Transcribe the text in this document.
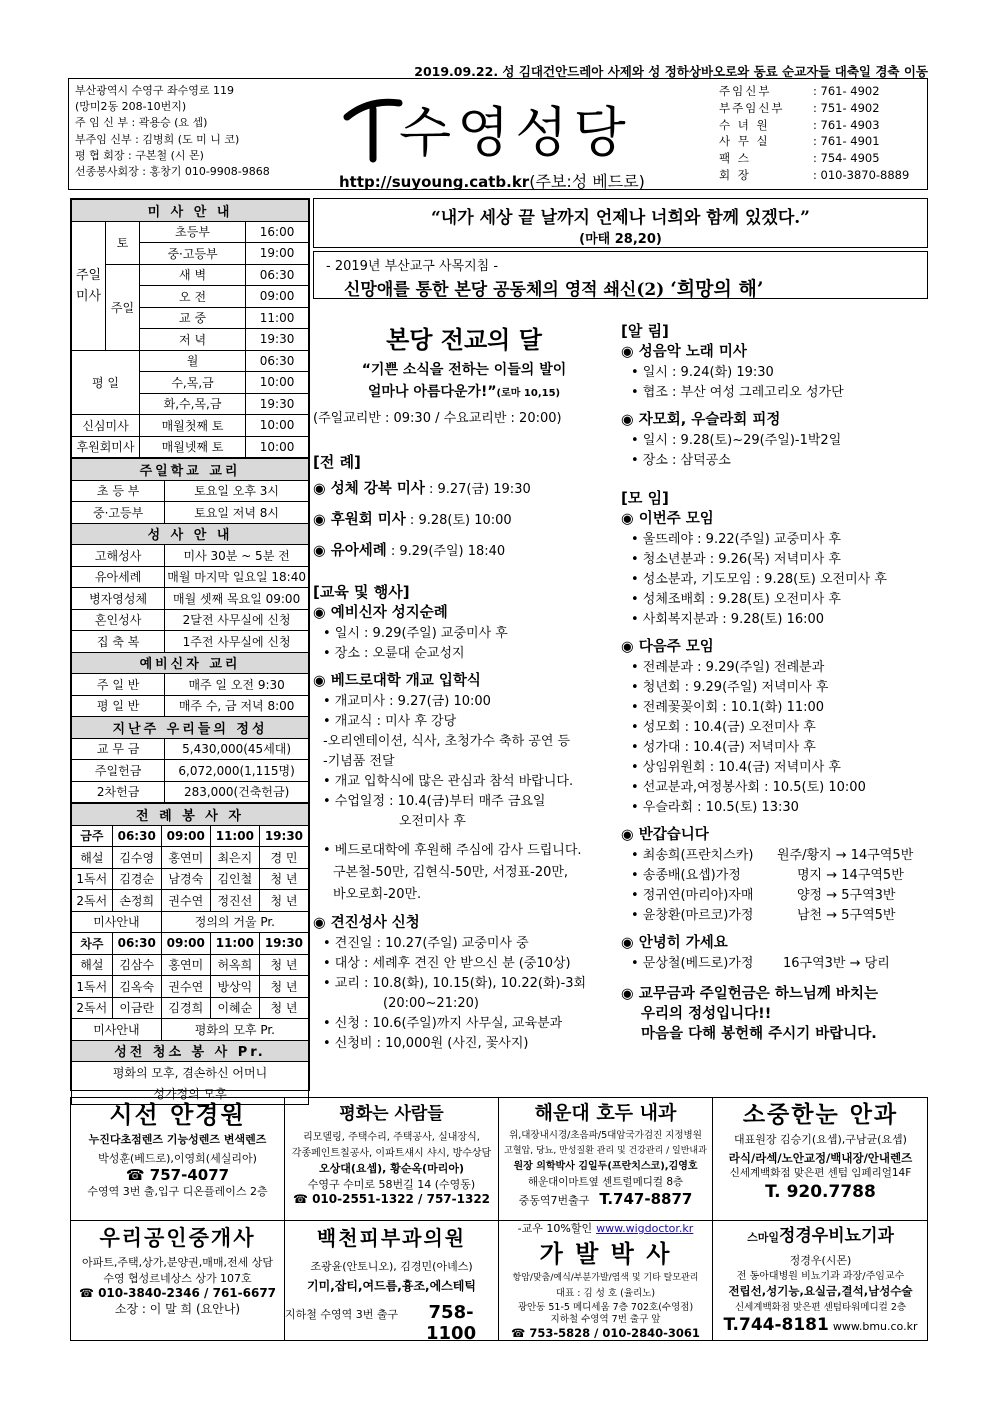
2019.09.22. 성 김대건안드레아 사제와 성 정하상바오로와 동료 순교자들 대축일 경축 이동
부산광역시 수영구 좌수영로 119
(망미2동 208-10번지)
주 임 신 부 : 곽용승 (요 셉)
부주임 신부 : 김병희 (도 미 니 코)
평 협 회장 : 구본철 (시 몬)
선종봉사회장 : 홍창기 010-9908-9868
수영성당
http://suyoung.catb.kr(주보:성 베드로)
주임신부	: 761- 4902
부주임신부	: 751- 4902
수 녀 원	: 761- 4903
사 무 실	: 761- 4901
팩 스	: 754- 4905
회 장	: 010-3870-8889
미 사 안 내			
주일미사	토	초등부	16:00
		중·고등부	19:00
	주일	새 벽	06:30
		오 전	09:00
		교 중	11:00
		저 녁	19:30
평 일		월	06:30
		수,목,금	10:00
		화,수,목,금	19:30
신심미사		매월첫째 토	10:00
후원회미사		매월넷째 토	10:00
주일학교 교리	
초 등 부	토요일 오후 3시
중·고등부	토요일 저녁 8시
성 사 안 내	
고해성사	미사 30분 ~ 5분 전
유아세례	매월 마지막 일요일 18:40
병자영성체	매월 셋째 목요일 09:00
혼인성사	2달전 사무실에 신청
집 축 복	1주전 사무실에 신청
예비신자 교리	
주 일 반	매주 일 오전 9:30
평 일 반	매주 수, 금 저녁 8:00
지난주 우리들의 정성	
교 무 금	5,430,000(45세대)
주일헌금	6,072,000(1,115명)
2차헌금	283,000(건축헌금)
전 례 봉 사 자				
금주	06:30	09:00	11:00	19:30
해설	김수영	홍연미	최은지	경 민
1독서	김경순	남경숙	김인철	청 년
2독서	손정희	권수연	정진선	청 년
미사안내		정의의 거울 Pr.		
차주	06:30	09:00	11:00	19:30
해설	김삼수	홍연미	허옥희	청 년
1독서	김옥숙	권수연	방상익	청 년
2독서	이금란	김경희	이혜순	청 년
미사안내		평화의 모후 Pr.		
성전 청소 봉 사 Pr.				
평화의 모후, 겸손하신 어머니				
성가정의 모후				
“내가 세상 끝 날까지 언제나 너희와 함께 있겠다.”
(마태 28,20)
- 2019년 부산교구 사목지침 -
신망애를 통한 본당 공동체의 영적 쇄신(2) ‘희망의 해’
본당 전교의 달
“기쁜 소식을 전하는 이들의 발이
얼마나 아름다운가!”(로마 10,15)
(주일교리반 : 09:30 / 수요교리반 : 20:00)
[전 례]
◉ 성체 강복 미사 : 9.27(금) 19:30
◉ 후원회 미사 : 9.28(토) 10:00
◉ 유아세례 : 9.29(주일) 18:40
[교육 및 행사]
◉ 예비신자 성지순례
• 일시 : 9.29(주일) 교중미사 후
• 장소 : 오륜대 순교성지
◉ 베드로대학 개교 입학식
• 개교미사 : 9.27(금) 10:00
• 개교식 : 미사 후 강당
-오리엔테이션, 식사, 초청가수 축하 공연 등
-기념품 전달
• 개교 입학식에 많은 관심과 참석 바랍니다.
• 수업일정 : 10.4(금)부터 매주 금요일
오전미사 후
• 베드로대학에 후원해 주심에 감사 드립니다.
구본철-50만, 김현식-50만, 서정표-20만,
바오로회-20만.
◉ 견진성사 신청
• 견진일 : 10.27(주일) 교중미사 중
• 대상 : 세례후 견진 안 받으신 분 (중10상)
• 교리 : 10.8(화), 10.15(화), 10.22(화)-3회
(20:00~21:20)
• 신청 : 10.6(주일)까지 사무실, 교육분과
• 신청비 : 10,000원 (사진, 꽃사지)
[알 림]
◉ 성음악 노래 미사
• 일시 : 9.24(화) 19:30
• 협조 : 부산 여성 그레고리오 성가단
◉ 자모회, 우슬라회 피정
• 일시 : 9.28(토)~29(주일)-1박2일
• 장소 : 삼덕공소
[모 임]
◉ 이번주 모임
• 울뜨레야 : 9.22(주일) 교중미사 후
• 청소년분과 : 9.26(목) 저녁미사 후
• 성소분과, 기도모임 : 9.28(토) 오전미사 후
• 성체조배회 : 9.28(토) 오전미사 후
• 사회복지분과 : 9.28(토) 16:00
◉ 다음주 모임
• 전례분과 : 9.29(주일) 전례분과
• 청년회 : 9.29(주일) 저녁미사 후
• 전례꽃꽂이회 : 10.1(화) 11:00
• 성모회 : 10.4(금) 오전미사 후
• 성가대 : 10.4(금) 저녁미사 후
• 상임위원회 : 10.4(금) 저녁미사 후
• 선교분과,여정봉사회 : 10.5(토) 10:00
• 우슬라회 : 10.5(토) 13:30
◉ 반갑습니다
• 최송희(프란치스카)	원주/황지 → 14구역5반
• 송종배(요셉)가정	명지 → 14구역5반
• 정귀연(마리아)자매	양정 → 5구역3반
• 윤창환(마르코)가정	남천 → 5구역5반
◉ 안녕히 가세요
• 문상철(베드로)가정	16구역3반 → 당리
◉ 교무금과 주일헌금은 하느님께 바치는
우리의 정성입니다!!
마음을 다해 봉헌해 주시기 바랍니다.
시선 안경원
누진다초점렌즈 기능성렌즈 변색렌즈
박성훈(베드로),이영희(세실리아)
☎ 757-4077
수영역 3번 출,입구 디온플레이스 2층
평화는 사람들
리모델링, 주택수리, 주택공사, 실내장식,
각종페인트칠공사, 이파트섀시 샤시, 방수상담
오상대(요셉), 황순옥(마리아)
수영구 수미로 58번길 14 (수영동)
☎ 010-2551-1322 / 757-1322
해운대 호두 내과
위,대장내시경/초음파/5대암국가검진 지정병원
고혈압, 당뇨, 만성질환 관리 및 건강관리 / 일반내과
원장 의학박사 김일두(프란치스코),김영호
해운대이마트옆 센트럴메디컬 8층
중동역7번출구 T.747-8877
소중한눈 안과
대표원장 김승기(요셉),구남균(요셉)
라식/라섹/노안교정/백내장/안내렌즈
신세계백화점 맞은편 센텀 임페리얼14F
T. 920.7788
우리공인중개사
아파트,주택,상가,분양권,매매,전세 상담
수영 협성르네상스 상가 107호
☎ 010-3840-2346 / 761-6677
소장 : 이 말 희 (요안나)
백천피부과의원
조광윤(안토니오), 김경민(아녜스)
기미,잡티,여드름,흉조,에스테틱
지하철 수영역 3번 출구	758-1100
-교우 10%할인 www.wigdoctor.kr
가 발 박 사
항암/맞춤/예식/부분가발/염색 및 기타 탈모관리
대표 : 김 성 호 (율리노)
광안동 51-5 메디세움 7층 702호(수영점)
지하철 수영역 7번 출구 앞
☎ 753-5828 / 010-2840-3061
스마일정경우비뇨기과
정경우(시몬)
전 동아대병원 비뇨기과 과장/주임교수
전립선,성기능,요실금,결석,남성수술
신세계백화점 맞은편 센텀타워메디컬 2층
T.744-8181 www.bmu.co.kr
